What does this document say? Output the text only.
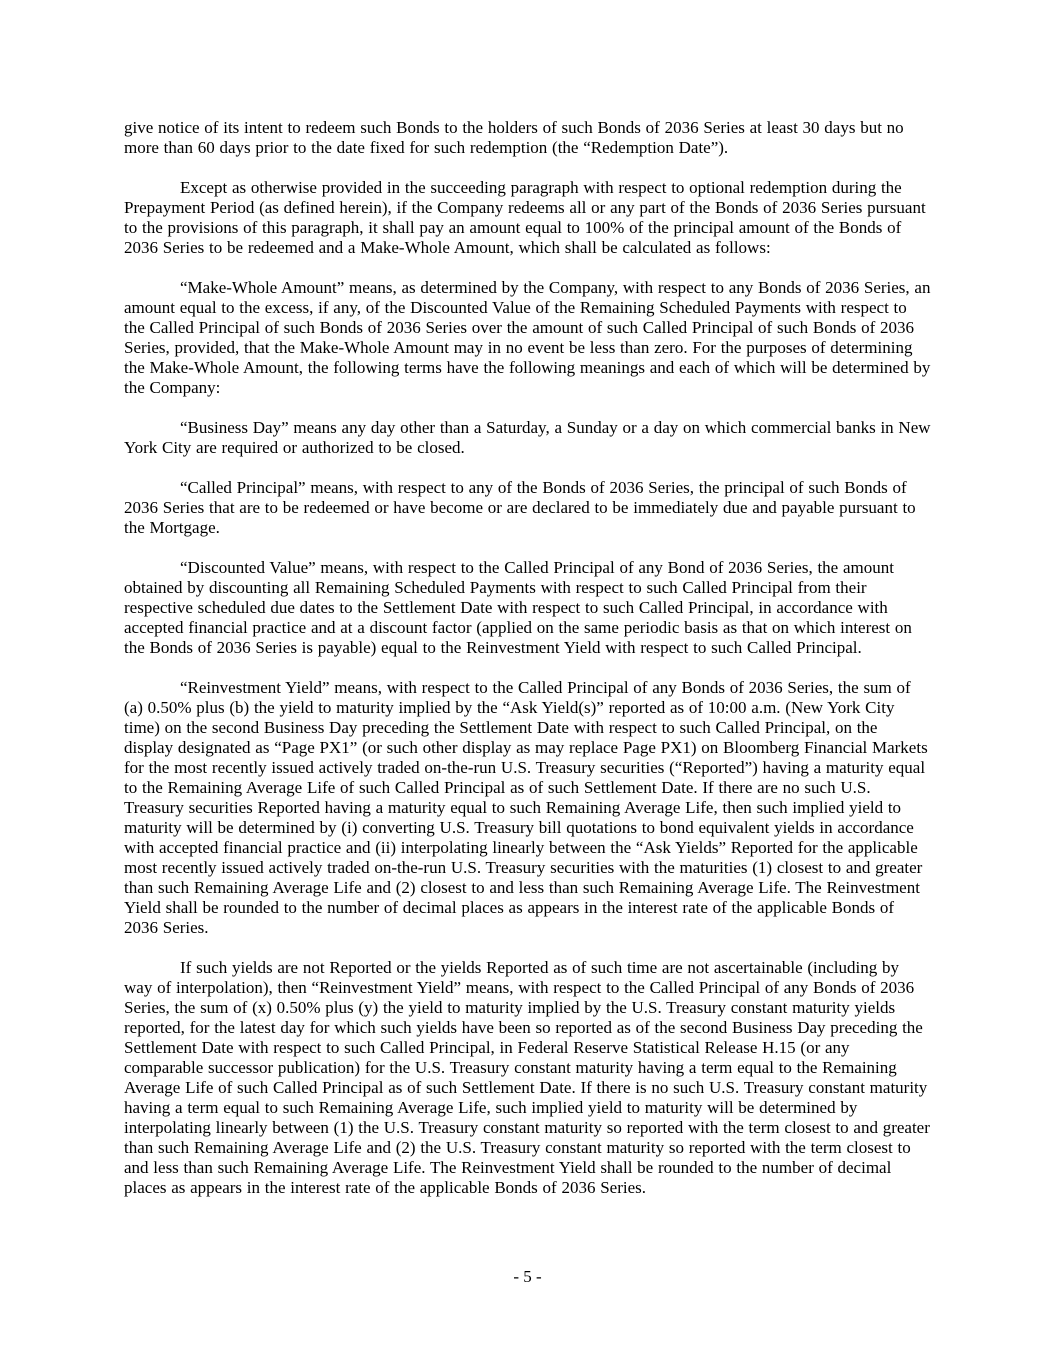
give notice of its intent to redeem such Bonds to the holders of such Bonds of 2036 Series at least 30 days but no more than 60 days prior to the date fixed for such redemption (the “Redemption Date”).

Except as otherwise provided in the succeeding paragraph with respect to optional redemption during the Prepayment Period (as defined herein), if the Company redeems all or any part of the Bonds of 2036 Series pursuant to the provisions of this paragraph, it shall pay an amount equal to 100% of the principal amount of the Bonds of 2036 Series to be redeemed and a Make-Whole Amount, which shall be calculated as follows:

“Make-Whole Amount” means, as determined by the Company, with respect to any Bonds of 2036 Series, an amount equal to the excess, if any, of the Discounted Value of the Remaining Scheduled Payments with respect to the Called Principal of such Bonds of 2036 Series over the amount of such Called Principal of such Bonds of 2036 Series, provided, that the Make-Whole Amount may in no event be less than zero. For the purposes of determining the Make-Whole Amount, the following terms have the following meanings and each of which will be determined by the Company:

“Business Day” means any day other than a Saturday, a Sunday or a day on which commercial banks in New York City are required or authorized to be closed.

“Called Principal” means, with respect to any of the Bonds of 2036 Series, the principal of such Bonds of 2036 Series that are to be redeemed or have become or are declared to be immediately due and payable pursuant to the Mortgage.

“Discounted Value” means, with respect to the Called Principal of any Bond of 2036 Series, the amount obtained by discounting all Remaining Scheduled Payments with respect to such Called Principal from their respective scheduled due dates to the Settlement Date with respect to such Called Principal, in accordance with accepted financial practice and at a discount factor (applied on the same periodic basis as that on which interest on the Bonds of 2036 Series is payable) equal to the Reinvestment Yield with respect to such Called Principal.

“Reinvestment Yield” means, with respect to the Called Principal of any Bonds of 2036 Series, the sum of (a) 0.50% plus (b) the yield to maturity implied by the “Ask Yield(s)” reported as of 10:00 a.m. (New York City time) on the second Business Day preceding the Settlement Date with respect to such Called Principal, on the display designated as “Page PX1” (or such other display as may replace Page PX1) on Bloomberg Financial Markets for the most recently issued actively traded on-the-run U.S. Treasury securities (“Reported”) having a maturity equal to the Remaining Average Life of such Called Principal as of such Settlement Date. If there are no such U.S. Treasury securities Reported having a maturity equal to such Remaining Average Life, then such implied yield to maturity will be determined by (i) converting U.S. Treasury bill quotations to bond equivalent yields in accordance with accepted financial practice and (ii) interpolating linearly between the “Ask Yields” Reported for the applicable most recently issued actively traded on-the-run U.S. Treasury securities with the maturities (1) closest to and greater than such Remaining Average Life and (2) closest to and less than such Remaining Average Life. The Reinvestment Yield shall be rounded to the number of decimal places as appears in the interest rate of the applicable Bonds of 2036 Series.

If such yields are not Reported or the yields Reported as of such time are not ascertainable (including by way of interpolation), then “Reinvestment Yield” means, with respect to the Called Principal of any Bonds of 2036 Series, the sum of (x) 0.50% plus (y) the yield to maturity implied by the U.S. Treasury constant maturity yields reported, for the latest day for which such yields have been so reported as of the second Business Day preceding the Settlement Date with respect to such Called Principal, in Federal Reserve Statistical Release H.15 (or any comparable successor publication) for the U.S. Treasury constant maturity having a term equal to the Remaining Average Life of such Called Principal as of such Settlement Date. If there is no such U.S. Treasury constant maturity having a term equal to such Remaining Average Life, such implied yield to maturity will be determined by interpolating linearly between (1) the U.S. Treasury constant maturity so reported with the term closest to and greater than such Remaining Average Life and (2) the U.S. Treasury constant maturity so reported with the term closest to and less than such Remaining Average Life. The Reinvestment Yield shall be rounded to the number of decimal places as appears in the interest rate of the applicable Bonds of 2036 Series.

- 5 -
